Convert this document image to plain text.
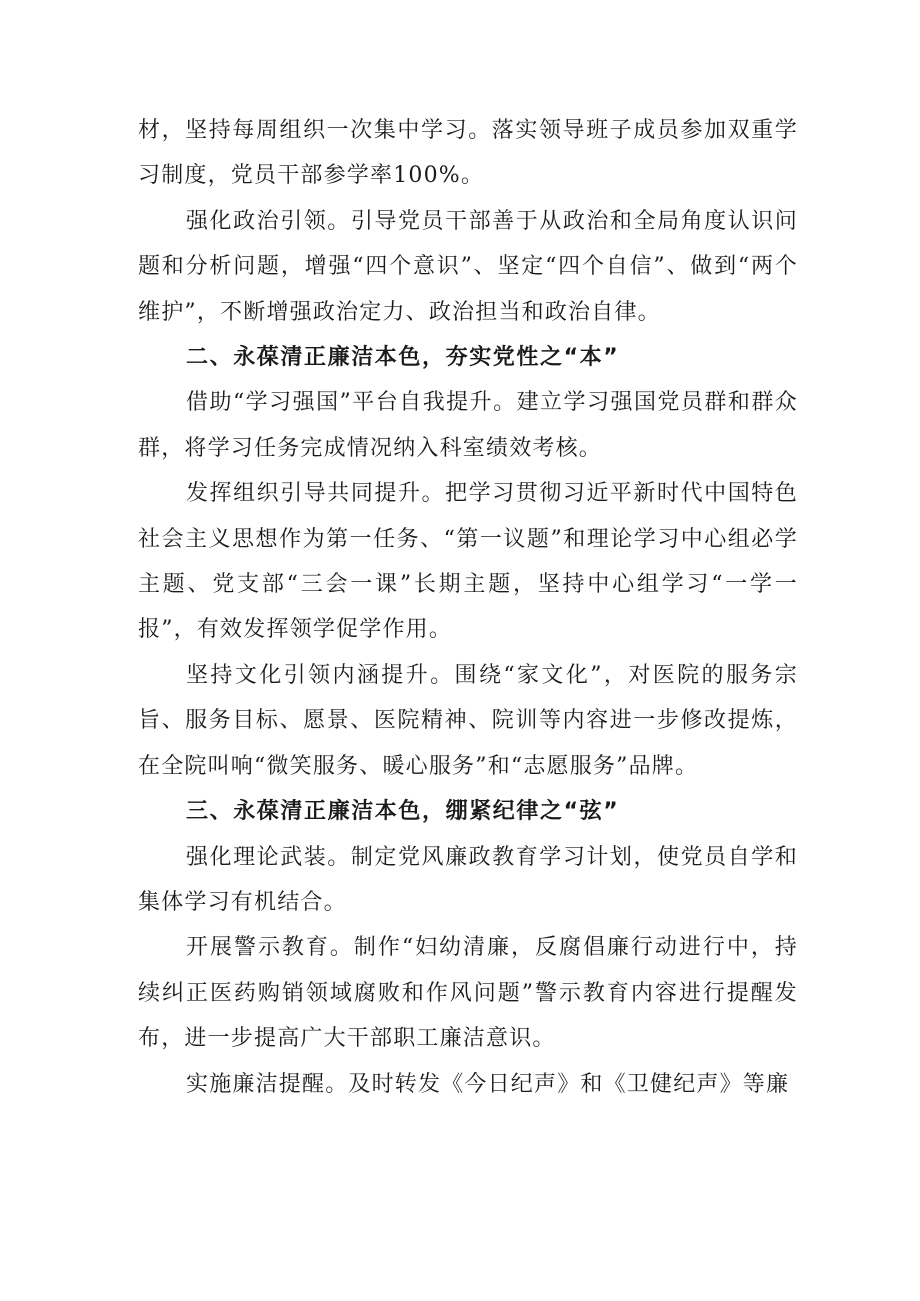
材，坚持每周组织一次集中学习。落实领导班子成员参加双重学习制度，党员干部参学率100%。

强化政治引领。引导党员干部善于从政治和全局角度认识问题和分析问题，增强“四个意识”、坚定“四个自信”、做到“两个维护”，不断增强政治定力、政治担当和政治自律。

二、永葆清正廉洁本色，夯实党性之“本”

借助“学习强国”平台自我提升。建立学习强国党员群和群众群，将学习任务完成情况纳入科室绩效考核。

发挥组织引导共同提升。把学习贯彻习近平新时代中国特色社会主义思想作为第一任务、“第一议题”和理论学习中心组必学主题、党支部“三会一课”长期主题，坚持中心组学习“一学一报”，有效发挥领学促学作用。

坚持文化引领内涵提升。围绕“家文化”，对医院的服务宗旨、服务目标、愿景、医院精神、院训等内容进一步修改提炼，在全院叫响“微笑服务、暖心服务”和“志愿服务”品牌。

三、永葆清正廉洁本色，绷紧纪律之“弦”

强化理论武装。制定党风廉政教育学习计划，使党员自学和集体学习有机结合。

开展警示教育。制作“妇幼清廉，反腐倡廉行动进行中，持续纠正医药购销领域腐败和作风问题”警示教育内容进行提醒发布，进一步提高广大干部职工廉洁意识。

实施廉洁提醒。及时转发《今日纪声》和《卫健纪声》等廉
